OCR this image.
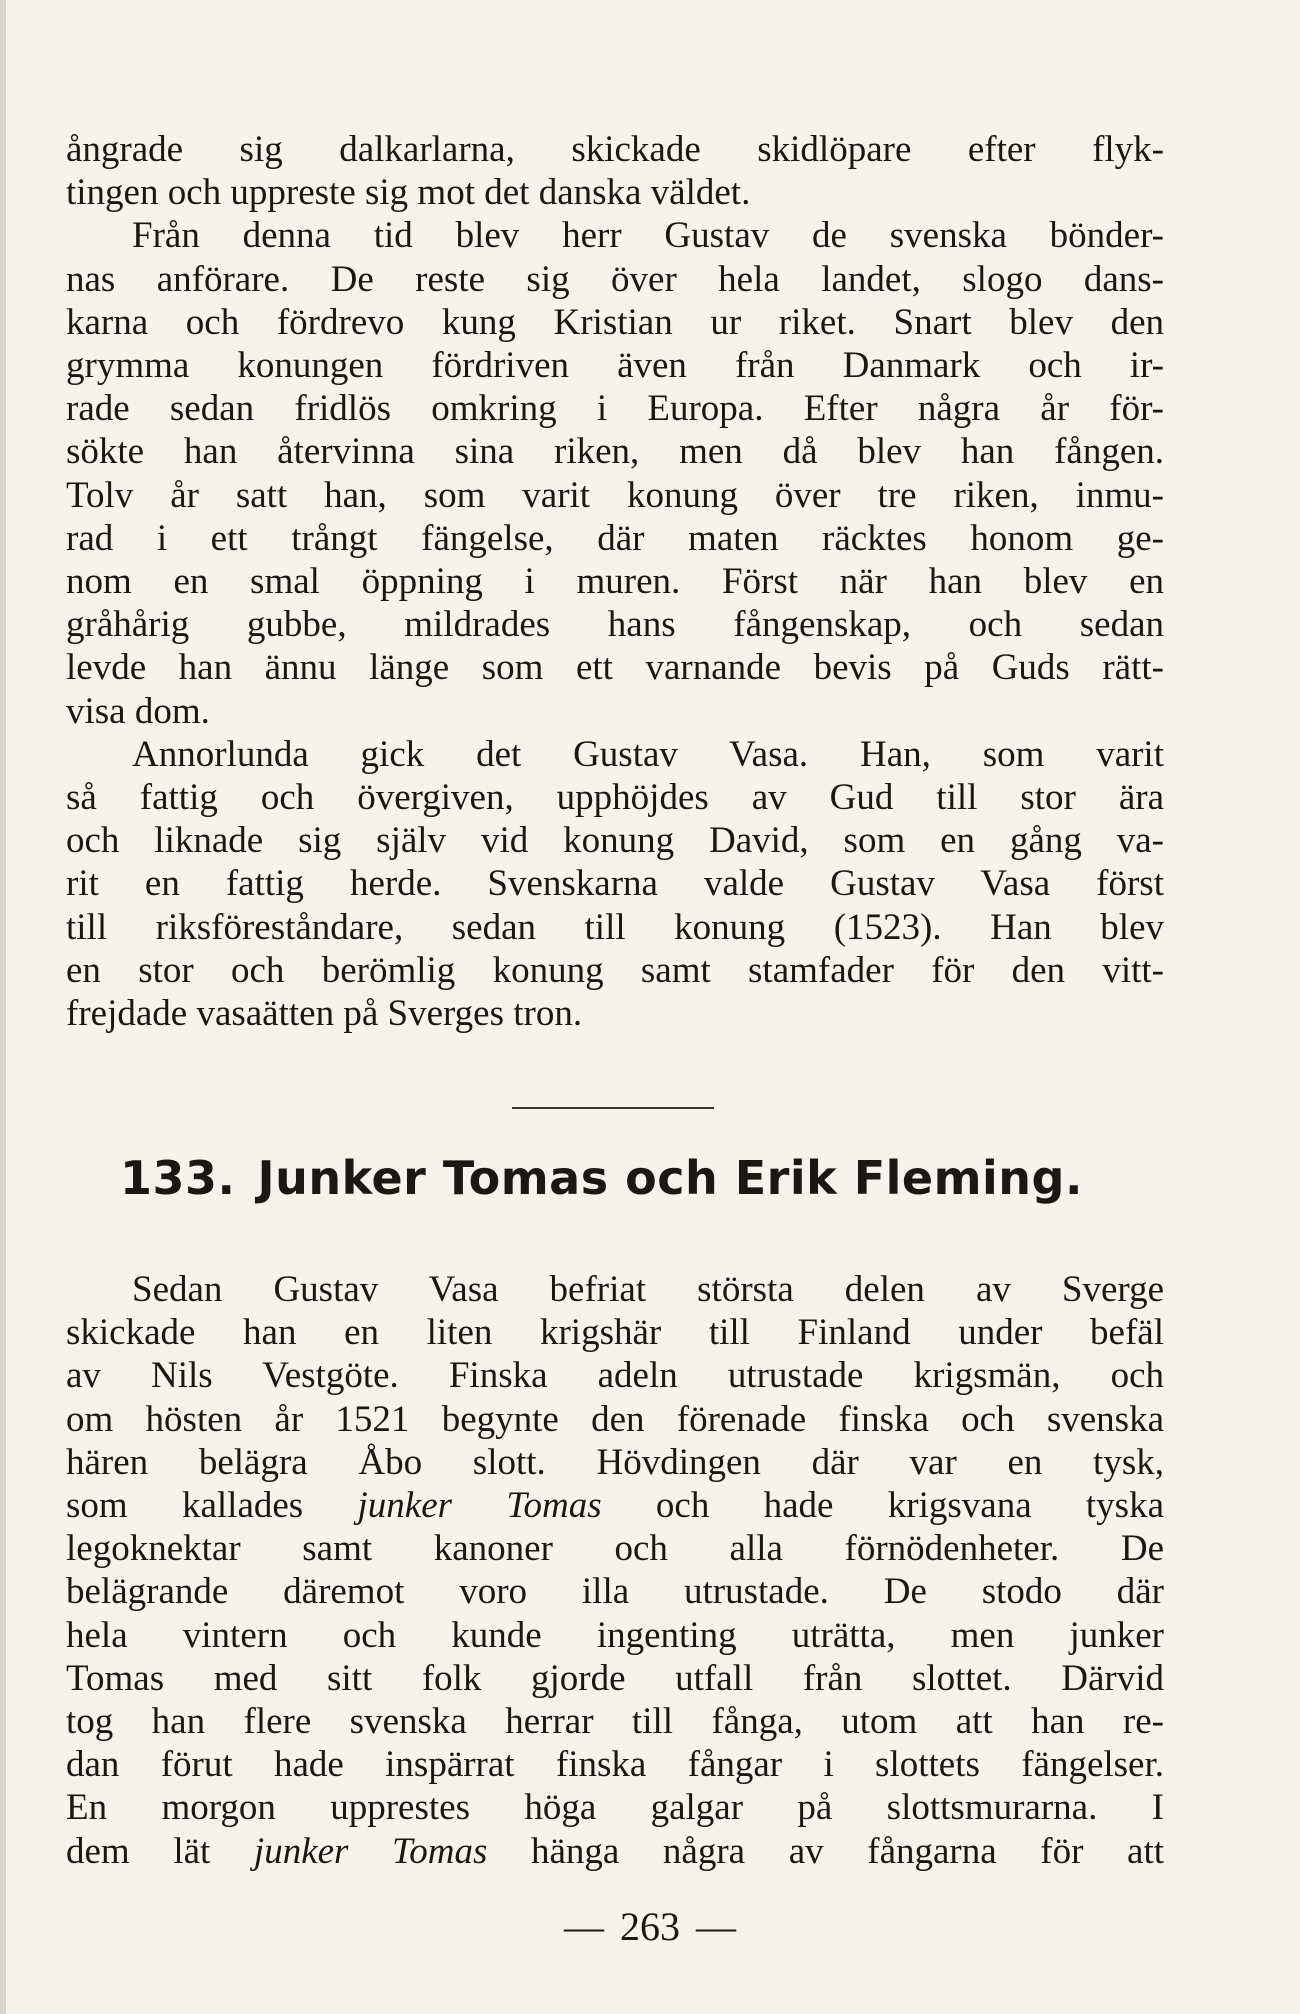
ångrade sig dalkarlarna, skickade skidlöpare efter flyk-
tingen och uppreste sig mot det danska väldet.
Från denna tid blev herr Gustav de svenska bönder-
nas anförare. De reste sig över hela landet, slogo dans-
karna och fördrevo kung Kristian ur riket. Snart blev den
grymma konungen fördriven även från Danmark och ir-
rade sedan fridlös omkring i Europa. Efter några år för-
sökte han återvinna sina riken, men då blev han fången.
Tolv år satt han, som varit konung över tre riken, inmu-
rad i ett trångt fängelse, där maten räcktes honom ge-
nom en smal öppning i muren. Först när han blev en
gråhårig gubbe, mildrades hans fångenskap, och sedan
levde han ännu länge som ett varnande bevis på Guds rätt-
visa dom.
Annorlunda gick det Gustav Vasa. Han, som varit
så fattig och övergiven, upphöjdes av Gud till stor ära
och liknade sig själv vid konung David, som en gång va-
rit en fattig herde. Svenskarna valde Gustav Vasa först
till riksföreståndare, sedan till konung (1523). Han blev
en stor och berömlig konung samt stamfader för den vitt-
frejdade vasaätten på Sverges tron.
133. Junker Tomas och Erik Fleming.
Sedan Gustav Vasa befriat största delen av Sverge
skickade han en liten krigshär till Finland under befäl
av Nils Vestgöte. Finska adeln utrustade krigsmän, och
om hösten år 1521 begynte den förenade finska och svenska
hären belägra Åbo slott. Hövdingen där var en tysk,
som kallades junker Tomas och hade krigsvana tyska
legoknektar samt kanoner och alla förnödenheter. De
belägrande däremot voro illa utrustade. De stodo där
hela vintern och kunde ingenting uträtta, men junker
Tomas med sitt folk gjorde utfall från slottet. Därvid
tog han flere svenska herrar till fånga, utom att han re-
dan förut hade inspärrat finska fångar i slottets fängelser.
En morgon upprestes höga galgar på slottsmurarna. I
dem lät junker Tomas hänga några av fångarna för att
— 263 —
